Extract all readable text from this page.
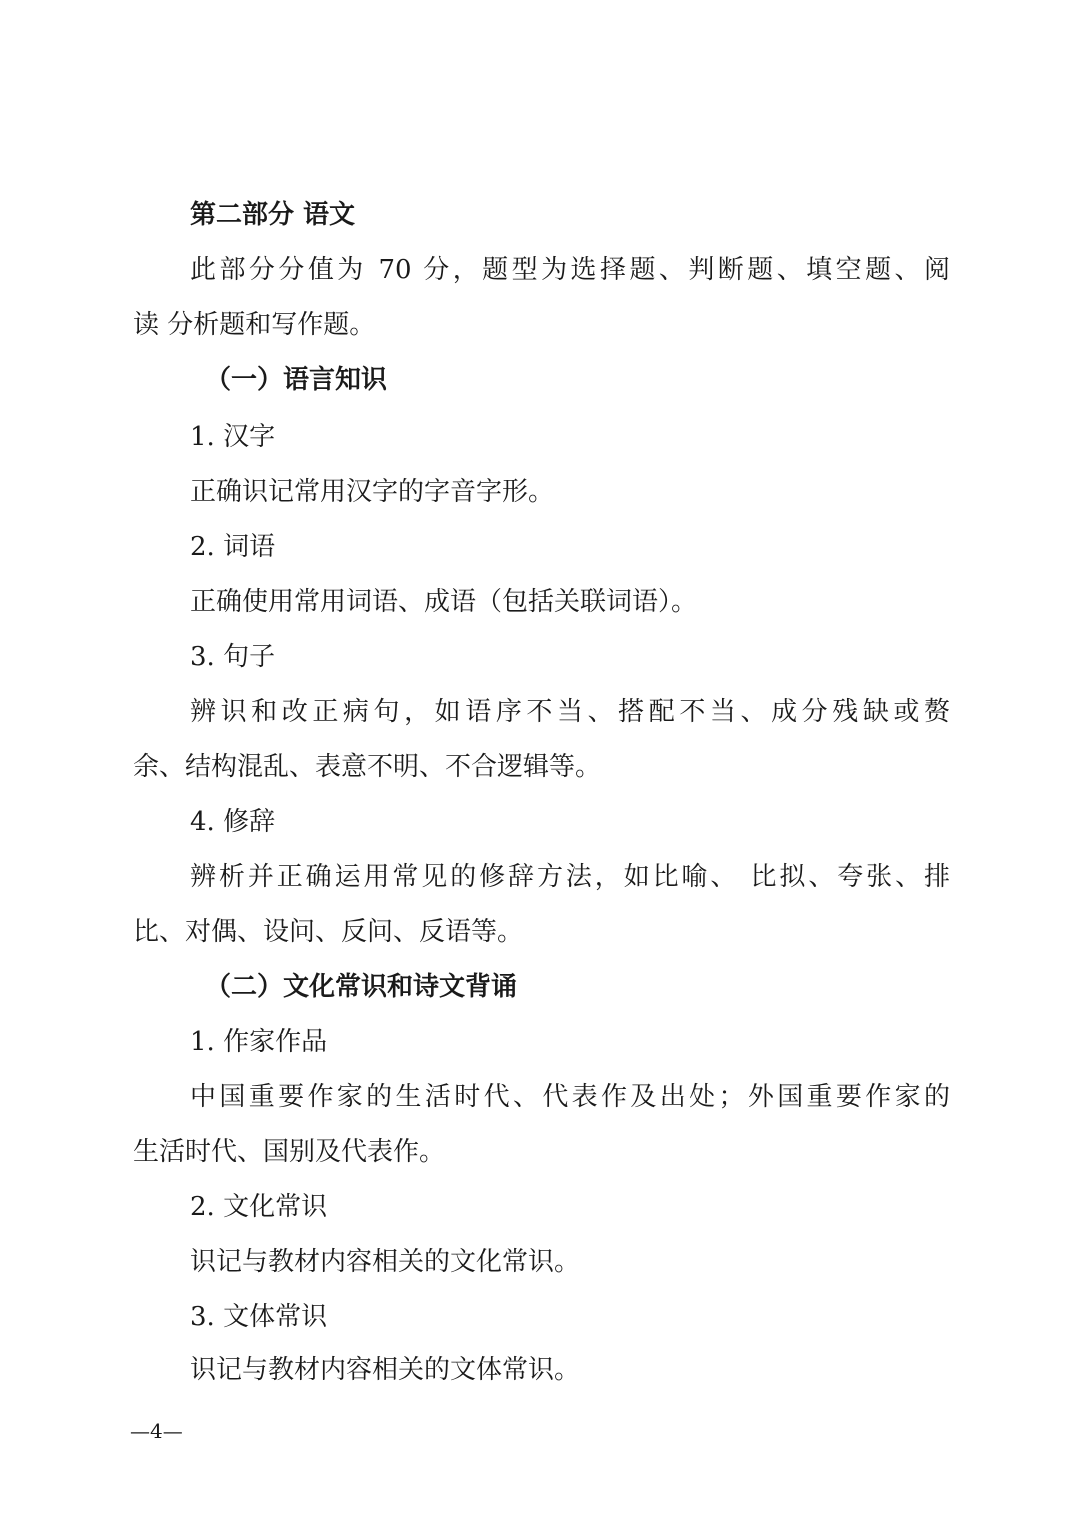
第二部分 语文
此部分分值为 70 分，题型为选择题、判断题、填空题、阅
读 分析题和写作题。
（一）语言知识
1. 汉字
正确识记常用汉字的字音字形。
2. 词语
正确使用常用词语、成语（包括关联词语）。
3. 句子
辨识和改正病句，如语序不当、搭配不当、成分残缺或赘
余、结构混乱、表意不明、不合逻辑等。
4. 修辞
辨析并正确运用常见的修辞方法，如比喻、 比拟、夸张、排
比、对偶、设问、反问、反语等。
（二）文化常识和诗文背诵
1. 作家作品
中国重要作家的生活时代、代表作及出处；外国重要作家的
生活时代、国别及代表作。
2. 文化常识
识记与教材内容相关的文化常识。
3. 文体常识
识记与教材内容相关的文体常识。
—4—
